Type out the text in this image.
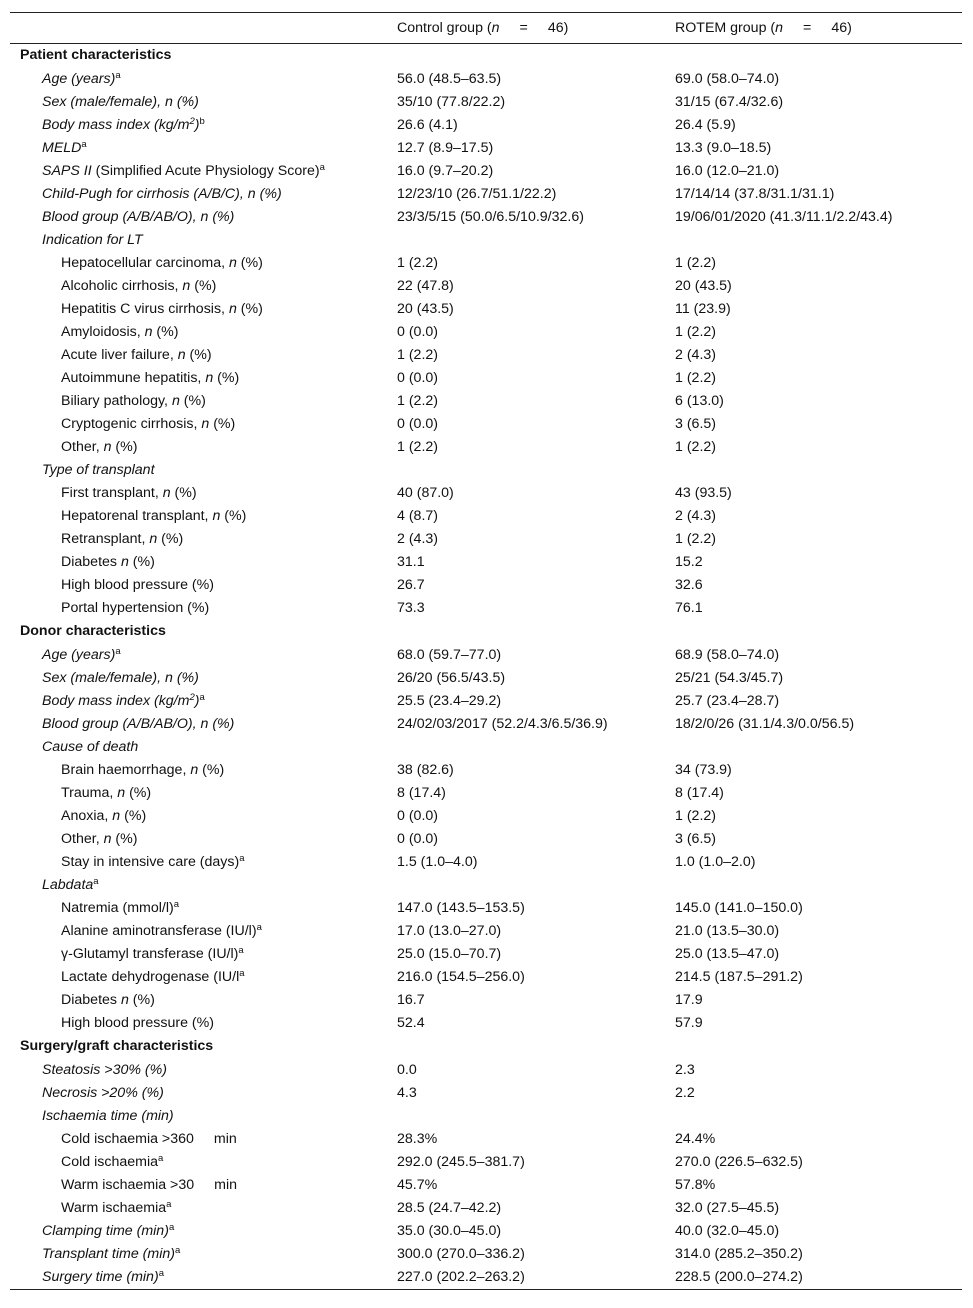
	Control group (n = 46)	ROTEM group (n = 46)
Patient characteristics		
Age (years)$^a$	56.0 (48.5–63.5)	69.0 (58.0–74.0)
Sex (male/female), n (%)	35/10 (77.8/22.2)	31/15 (67.4/32.6)
Body mass index $(kg/m^2)^b$	26.6 (4.1)	26.4 (5.9)
MELD$^a$	12.7 (8.9–17.5)	13.3 (9.0–18.5)
SAPS II (Simplified Acute Physiology Score)$^a$	16.0 (9.7–20.2)	16.0 (12.0–21.0)
Child-Pugh for cirrhosis (A/B/C), n (%)	12/23/10 (26.7/51.1/22.2)	17/14/14 (37.8/31.1/31.1)
Blood group (A/B/AB/O), n (%)	23/3/5/15 (50.0/6.5/10.9/32.6)	19/06/01/2020 (41.3/11.1/2.2/43.4)
Indication for LT		
Hepatocellular carcinoma, n (%)	1 (2.2)	1 (2.2)
Alcoholic cirrhosis, n (%)	22 (47.8)	20 (43.5)
Hepatitis C virus cirrhosis, n (%)	20 (43.5)	11 (23.9)
Amyloidosis, n (%)	0 (0.0)	1 (2.2)
Acute liver failure, n (%)	1 (2.2)	2 (4.3)
Autoimmune hepatitis, n (%)	0 (0.0)	1 (2.2)
Biliary pathology, n (%)	1 (2.2)	6 (13.0)
Cryptogenic cirrhosis, n (%)	0 (0.0)	3 (6.5)
Other, n (%)	1 (2.2)	1 (2.2)
Type of transplant		
First transplant, n (%)	40 (87.0)	43 (93.5)
Hepatorenal transplant, n (%)	4 (8.7)	2 (4.3)
Retransplant, n (%)	2 (4.3)	1 (2.2)
Diabetes n (%)	31.1	15.2
High blood pressure (%)	26.7	32.6
Portal hypertension (%)	73.3	76.1
Donor characteristics		
Age (years)$^a$	68.0 (59.7–77.0)	68.9 (58.0–74.0)
Sex (male/female), n (%)	26/20 (56.5/43.5)	25/21 (54.3/45.7)
Body mass index $(kg/m^2)^a$	25.5 (23.4–29.2)	25.7 (23.4–28.7)
Blood group (A/B/AB/O), n (%)	24/02/03/2017 (52.2/4.3/6.5/36.9)	18/2/0/26 (31.1/4.3/0.0/56.5)
Cause of death		
Brain haemorrhage, n (%)	38 (82.6)	34 (73.9)
Trauma, n (%)	8 (17.4)	8 (17.4)
Anoxia, n (%)	0 (0.0)	1 (2.2)
Other, n (%)	0 (0.0)	3 (6.5)
Stay in intensive care (days)$^a$	1.5 (1.0–4.0)	1.0 (1.0–2.0)
Labdata$^a$		
Natremia (mmol/l)$^a$	147.0 (143.5–153.5)	145.0 (141.0–150.0)
Alanine aminotransferase $(IU/l)^a$	17.0 (13.0–27.0)	21.0 (13.5–30.0)
γ-Glutamyl transferase $(IU/l)^a$	25.0 (15.0–70.7)	25.0 (13.5–47.0)
Lactate dehydrogenase ($IU/l^a$	216.0 (154.5–256.0)	214.5 (187.5–291.2)
Diabetes n (%)	16.7	17.9
High blood pressure (%)	52.4	57.9
Surgery/graft characteristics		
Steatosis >30% (%)	0.0	2.3
Necrosis >20% (%)	4.3	2.2
Ischaemia time (min)		
Cold ischaemia >360 min	28.3%	24.4%
Cold ischaemia$^a$	292.0 (245.5–381.7)	270.0 (226.5–632.5)
Warm ischaemia >30 min	45.7%	57.8%
Warm ischaemia$^a$	28.5 (24.7–42.2)	32.0 (27.5–45.5)
Clamping time $(\min)^a$	35.0 (30.0–45.0)	40.0 (32.0–45.0)
Transplant time $(\min)^a$	300.0 (270.0–336.2)	314.0 (285.2–350.2)
Surgery time $(\min)^a$	227.0 (202.2–263.2)	228.5 (200.0–274.2)
